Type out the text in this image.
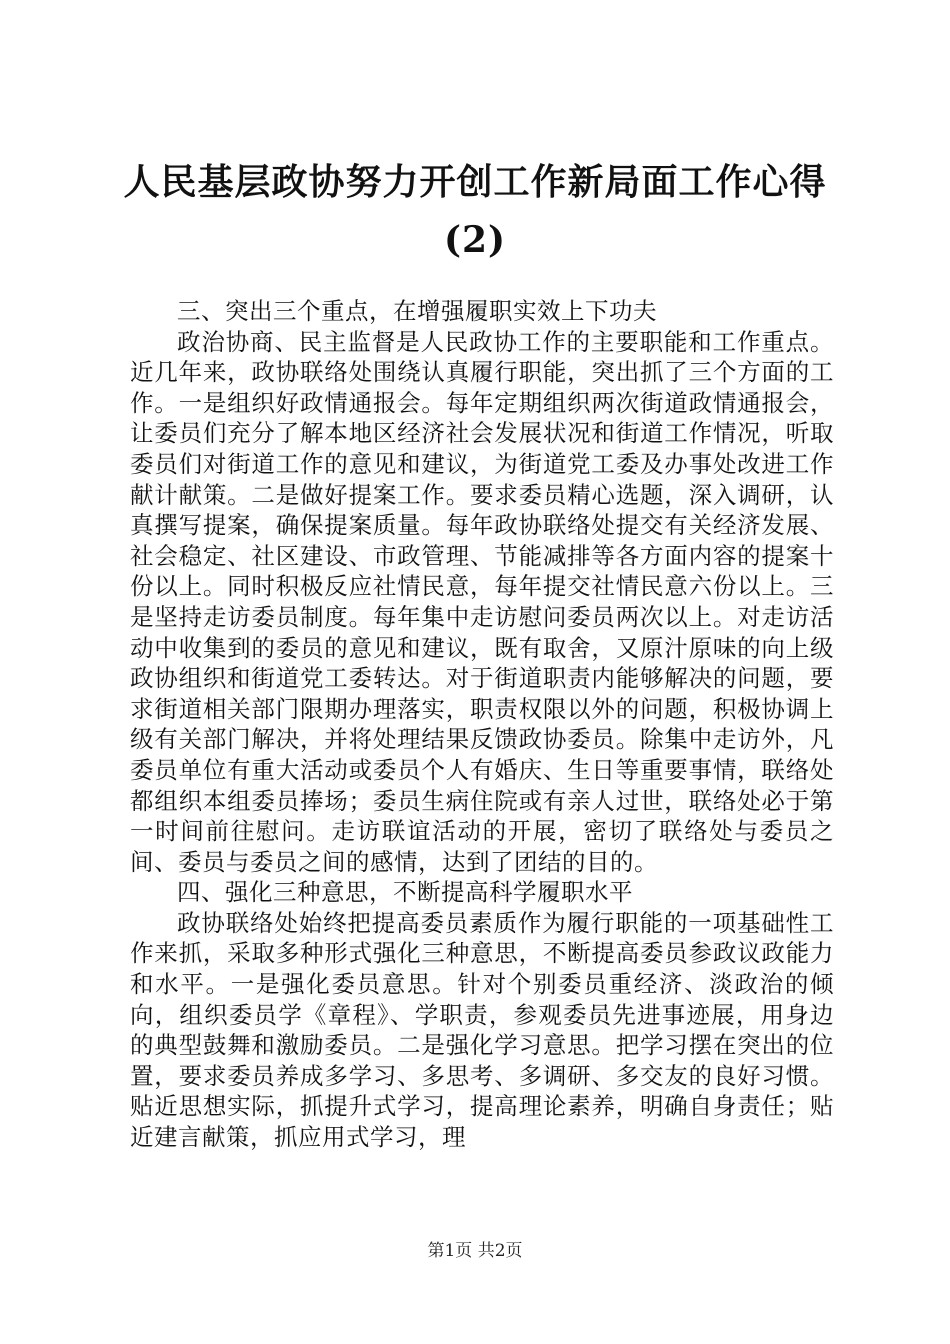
人民基层政协努力开创工作新局面工作心得
(2)

三、突出三个重点，在增强履职实效上下功夫

政治协商、民主监督是人民政协工作的主要职能和工作重点。近几年来，政协联络处围绕认真履行职能，突出抓了三个方面的工作。一是组织好政情通报会。每年定期组织两次街道政情通报会，让委员们充分了解本地区经济社会发展状况和街道工作情况，听取委员们对街道工作的意见和建议，为街道党工委及办事处改进工作献计献策。二是做好提案工作。要求委员精心选题，深入调研，认真撰写提案，确保提案质量。每年政协联络处提交有关经济发展、社会稳定、社区建设、市政管理、节能减排等各方面内容的提案十份以上。同时积极反应社情民意，每年提交社情民意六份以上。三是坚持走访委员制度。每年集中走访慰问委员两次以上。对走访活动中收集到的委员的意见和建议，既有取舍，又原汁原味的向上级政协组织和街道党工委转达。对于街道职责内能够解决的问题，要求街道相关部门限期办理落实，职责权限以外的问题，积极协调上级有关部门解决，并将处理结果反馈政协委员。除集中走访外，凡委员单位有重大活动或委员个人有婚庆、生日等重要事情，联络处都组织本组委员捧场；委员生病住院或有亲人过世，联络处必于第一时间前往慰问。走访联谊活动的开展，密切了联络处与委员之间、委员与委员之间的感情，达到了团结的目的。

四、强化三种意思，不断提高科学履职水平

政协联络处始终把提高委员素质作为履行职能的一项基础性工作来抓，采取多种形式强化三种意思，不断提高委员参政议政能力和水平。一是强化委员意思。针对个别委员重经济、淡政治的倾向，组织委员学《章程》、学职责，参观委员先进事迹展，用身边的典型鼓舞和激励委员。二是强化学习意思。把学习摆在突出的位置，要求委员养成多学习、多思考、多调研、多交友的良好习惯。贴近思想实际，抓提升式学习，提高理论素养，明确自身责任；贴近建言献策，抓应用式学习，理

第1页 共2页
